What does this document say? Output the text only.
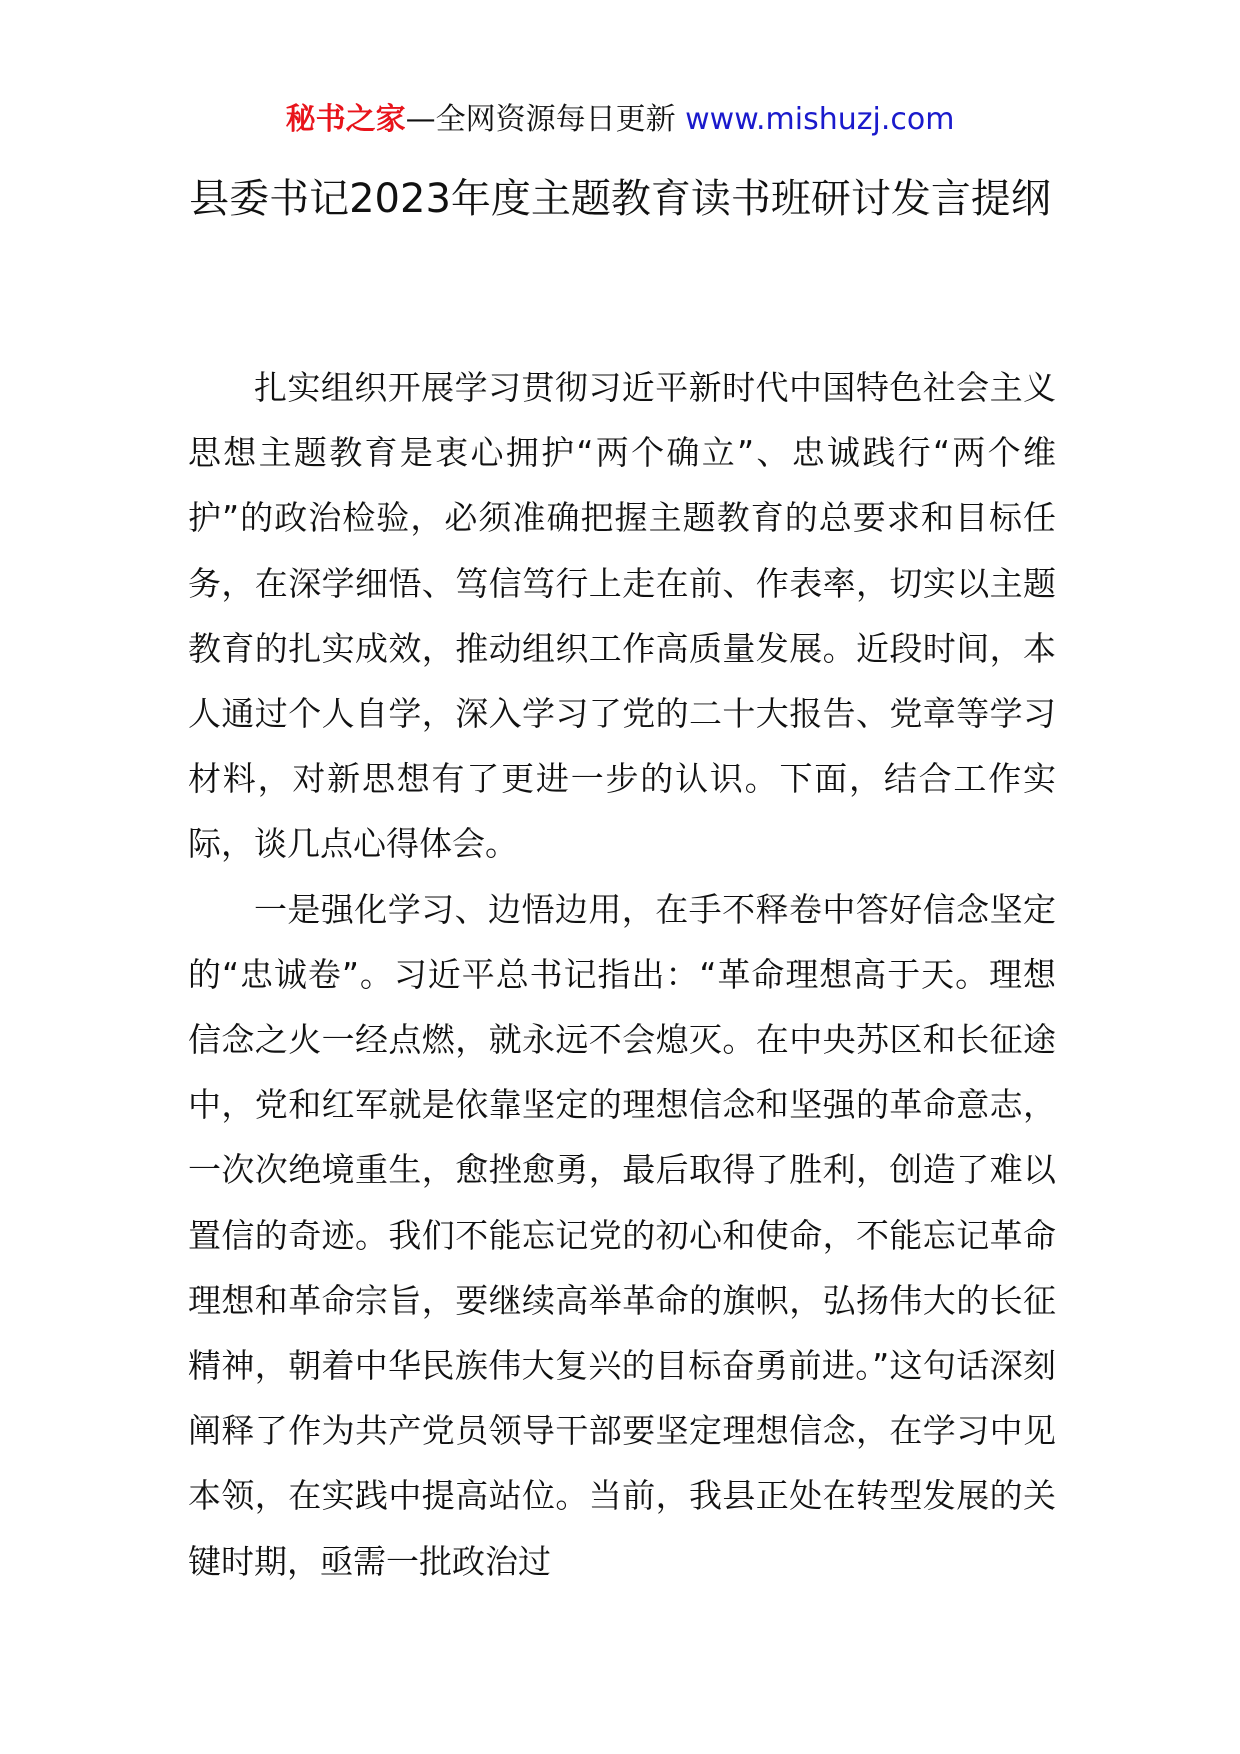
秘书之家—全网资源每日更新 www.mishuzj.com
县委书记2023年度主题教育读书班研讨发言提纲

扎实组织开展学习贯彻习近平新时代中国特色社会主义思想主题教育是衷心拥护“两个确立”、忠诚践行“两个维护”的政治检验，必须准确把握主题教育的总要求和目标任务，在深学细悟、笃信笃行上走在前、作表率，切实以主题教育的扎实成效，推动组织工作高质量发展。近段时间，本人通过个人自学，深入学习了党的二十大报告、党章等学习材料，对新思想有了更进一步的认识。下面，结合工作实际，谈几点心得体会。

一是强化学习、边悟边用，在手不释卷中答好信念坚定的“忠诚卷”。习近平总书记指出：“革命理想高于天。理想信念之火一经点燃，就永远不会熄灭。在中央苏区和长征途中，党和红军就是依靠坚定的理想信念和坚强的革命意志，一次次绝境重生，愈挫愈勇，最后取得了胜利，创造了难以置信的奇迹。我们不能忘记党的初心和使命，不能忘记革命理想和革命宗旨，要继续高举革命的旗帜，弘扬伟大的长征精神，朝着中华民族伟大复兴的目标奋勇前进。”这句话深刻阐释了作为共产党员领导干部要坚定理想信念，在学习中见本领，在实践中提高站位。当前，我县正处在转型发展的关键时期，亟需一批政治过
